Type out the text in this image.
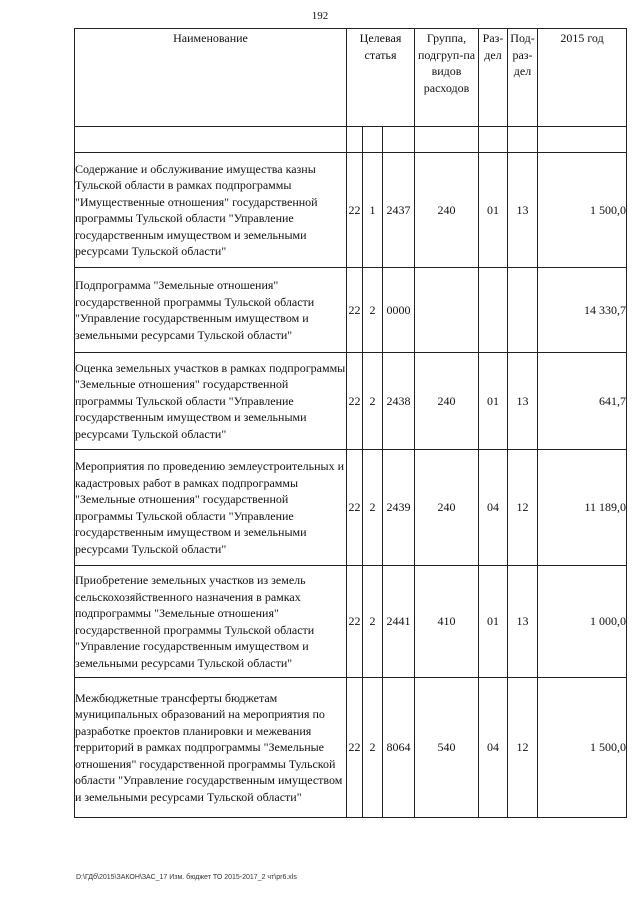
192
Наименование	Целевая статья			Группа, подгруп-па видов расходов	Раз-дел	Под-раз-дел	2015 год

Содержание и обслуживание имущества казны Тульской области в рамках подпрограммы "Имущественные отношения" государственной программы Тульской области "Управление государственным имуществом и земельными ресурсами Тульской области"	22	1	2437	240	01	13	1 500,0
Подпрограмма "Земельные отношения" государственной программы Тульской области "Управление государственным имуществом и земельными ресурсами Тульской области"	22	2	0000				14 330,7
Оценка земельных участков в рамках подпрограммы "Земельные отношения" государственной программы Тульской области "Управление государственным имуществом и земельными ресурсами Тульской области"	22	2	2438	240	01	13	641,7
Мероприятия по проведению землеустроительных и кадастровых работ в рамках подпрограммы "Земельные отношения" государственной программы Тульской области "Управление государственным имуществом и земельными ресурсами Тульской области"	22	2	2439	240	04	12	11 189,0
Приобретение земельных участков из земель сельскохозяйственного назначения в рамках подпрограммы "Земельные отношения" государственной программы Тульской области "Управление государственным имуществом и земельными ресурсами Тульской области"	22	2	2441	410	01	13	1 000,0
Межбюджетные трансферты бюджетам муниципальных образований на мероприятия по разработке проектов планировки и межевания территорий в рамках подпрограммы "Земельные отношения" государственной программы Тульской области "Управление государственным имуществом и земельными ресурсами Тульской области"	22	2	8064	540	04	12	1 500,0
D:\ГДб\2015\ЗАКОН\ЗАС_17 Изм. бюджет ТО 2015-2017_2 чт\pr6.xls
